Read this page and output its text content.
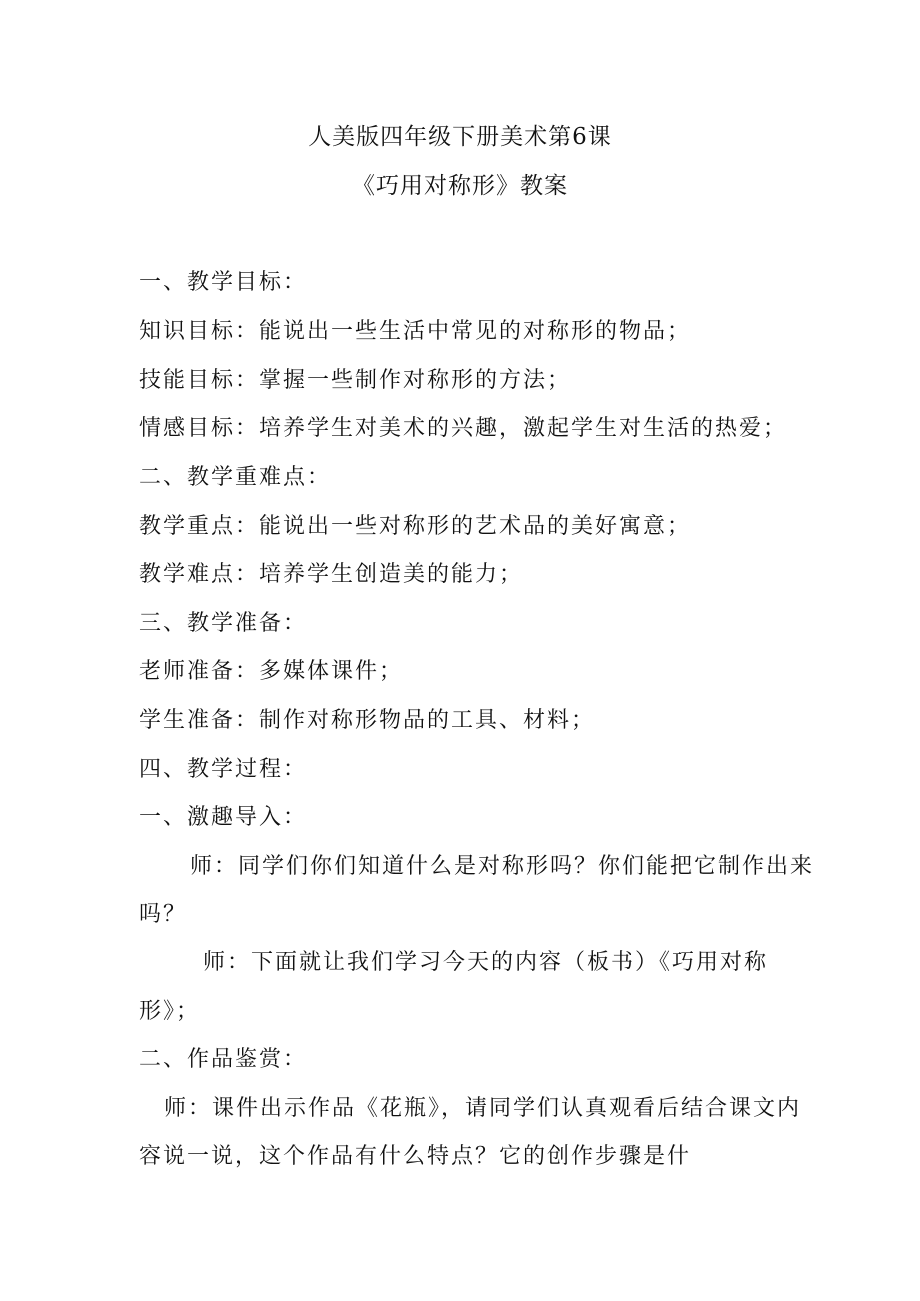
人美版四年级下册美术第6课
《巧用对称形》教案
一、教学目标：
知识目标：能说出一些生活中常见的对称形的物品；
技能目标：掌握一些制作对称形的方法；
情感目标：培养学生对美术的兴趣，激起学生对生活的热爱；
二、教学重难点：
教学重点：能说出一些对称形的艺术品的美好寓意；
教学难点：培养学生创造美的能力；
三、教学准备：
老师准备：多媒体课件；
学生准备：制作对称形物品的工具、材料；
四、教学过程：
一、激趣导入：
师：同学们你们知道什么是对称形吗？你们能把它制作出来
吗？
师：下面就让我们学习今天的内容（板书）《巧用对称
形》；
二、作品鉴赏：
师：课件出示作品《花瓶》，请同学们认真观看后结合课文内
容说一说，这个作品有什么特点？它的创作步骤是什
